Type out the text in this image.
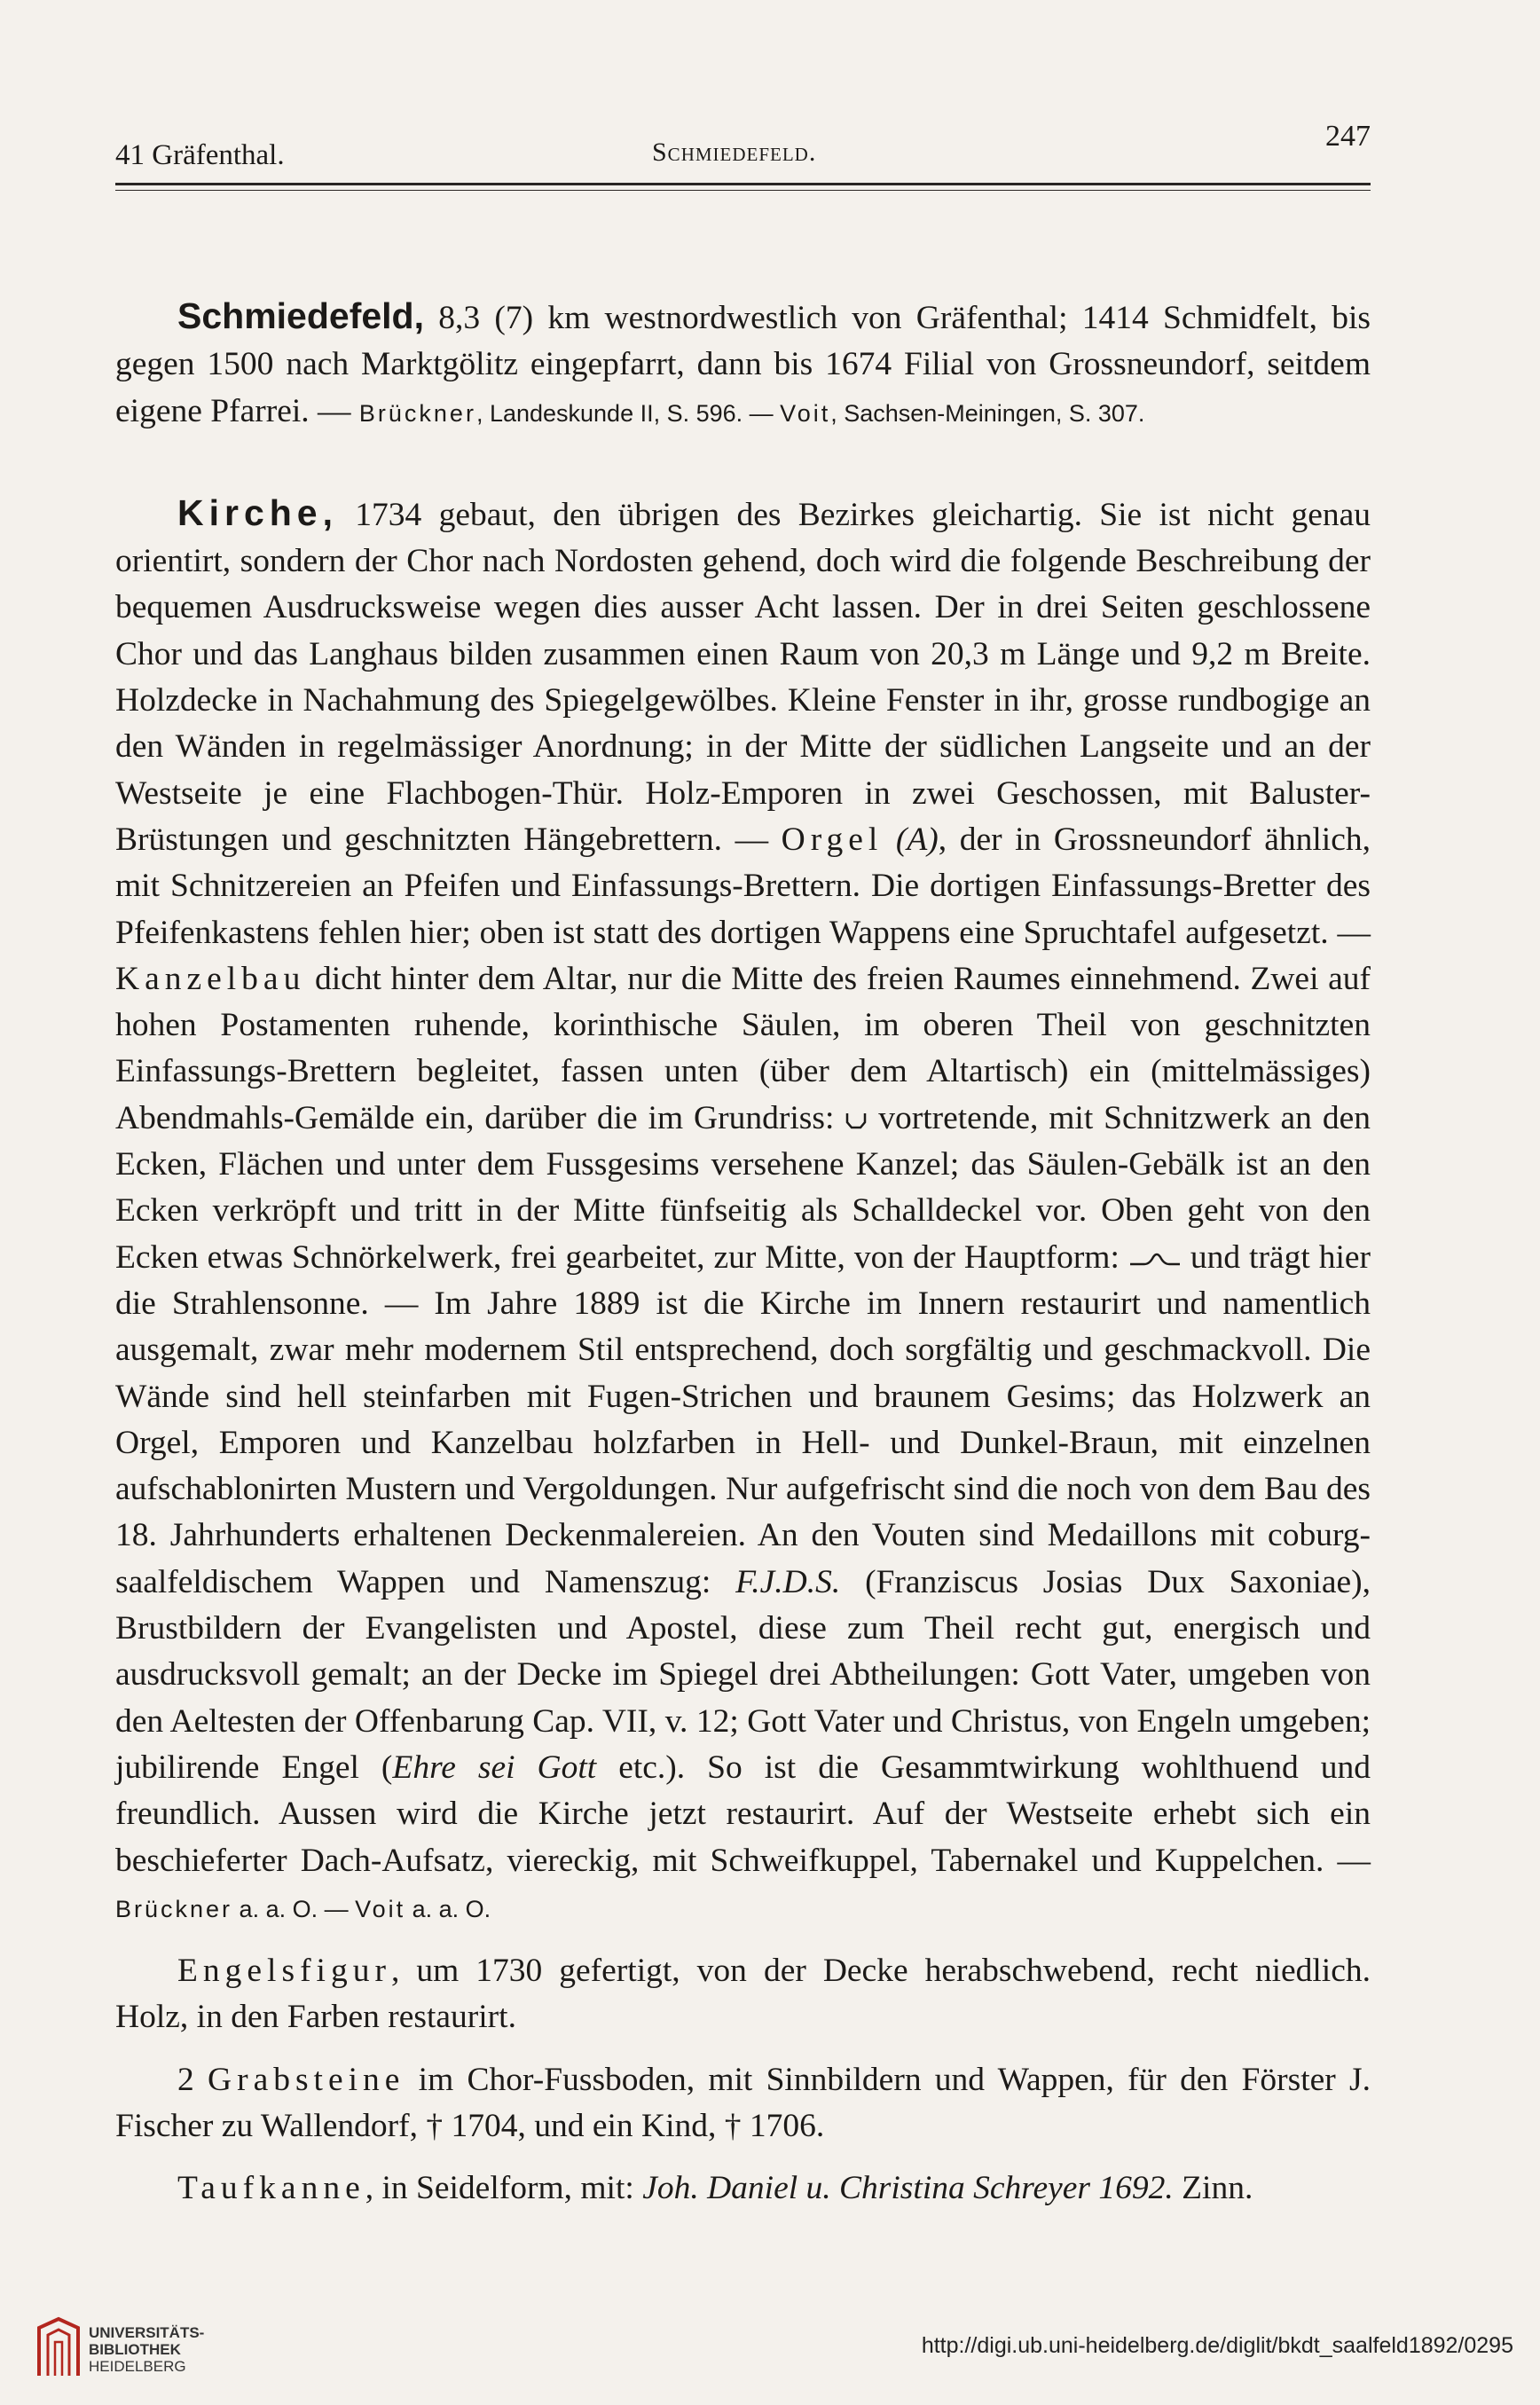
41 Gräfenthal.	Schmiedefeld.	247

Schmiedefeld, 8,3 (7) km westnordwestlich von Gräfenthal; 1414 Schmidfelt, bis gegen 1500 nach Marktgölitz eingepfarrt, dann bis 1674 Filial von Grossneundorf, seitdem eigene Pfarrei. — Brückner, Landeskunde II, S. 596. — Voit, Sachsen-Meiningen, S. 307.

Kirche, 1734 gebaut, den übrigen des Bezirkes gleichartig. Sie ist nicht genau orientirt, sondern der Chor nach Nordosten gehend, doch wird die folgende Beschreibung der bequemen Ausdrucksweise wegen dies ausser Acht lassen. Der in drei Seiten geschlossene Chor und das Langhaus bilden zusammen einen Raum von 20,3 m Länge und 9,2 m Breite. Holzdecke in Nachahmung des Spiegelgewölbes. Kleine Fenster in ihr, grosse rundbogige an den Wänden in regelmässiger Anordnung; in der Mitte der südlichen Langseite und an der Westseite je eine Flachbogen-Thür. Holz-Emporen in zwei Geschossen, mit Baluster-Brüstungen und geschnitzten Hängebrettern. — Orgel (A), der in Grossneundorf ähnlich, mit Schnitzereien an Pfeifen und Einfassungs-Brettern. Die dortigen Einfassungs-Bretter des Pfeifenkastens fehlen hier; oben ist statt des dortigen Wappens eine Spruchtafel aufgesetzt. — Kanzelbau dicht hinter dem Altar, nur die Mitte des freien Raumes einnehmend. Zwei auf hohen Postamenten ruhende, korinthische Säulen, im oberen Theil von geschnitzten Einfassungs-Brettern begleitet, fassen unten (über dem Altartisch) ein (mittelmässiges) Abendmahls-Gemälde ein, darüber die im Grundriss:  vortretende, mit Schnitzwerk an den Ecken, Flächen und unter dem Fussgesims versehene Kanzel; das Säulen-Gebälk ist an den Ecken verkröpft und tritt in der Mitte fünfseitig als Schalldeckel vor. Oben geht von den Ecken etwas Schnörkelwerk, frei gearbeitet, zur Mitte, von der Hauptform:  und trägt hier die Strahlensonne. — Im Jahre 1889 ist die Kirche im Innern restaurirt und namentlich ausgemalt, zwar mehr modernem Stil entsprechend, doch sorgfältig und geschmackvoll. Die Wände sind hell steinfarben mit Fugen-Strichen und braunem Gesims; das Holzwerk an Orgel, Emporen und Kanzelbau holzfarben in Hell- und Dunkel-Braun, mit einzelnen aufschablonirten Mustern und Vergoldungen. Nur aufgefrischt sind die noch von dem Bau des 18. Jahrhunderts erhaltenen Deckenmalereien. An den Vouten sind Medaillons mit coburg-saalfeldischem Wappen und Namenszug: F.J.D.S. (Franziscus Josias Dux Saxoniae), Brustbildern der Evangelisten und Apostel, diese zum Theil recht gut, energisch und ausdrucksvoll gemalt; an der Decke im Spiegel drei Abtheilungen: Gott Vater, umgeben von den Aeltesten der Offenbarung Cap. VII, v. 12; Gott Vater und Christus, von Engeln umgeben; jubilirende Engel (Ehre sei Gott etc.). So ist die Gesammtwirkung wohlthuend und freundlich. Aussen wird die Kirche jetzt restaurirt. Auf der Westseite erhebt sich ein beschieferter Dach-Aufsatz, viereckig, mit Schweifkuppel, Tabernakel und Kuppelchen. — Brückner a. a. O. — Voit a. a. O.

Engelsfigur, um 1730 gefertigt, von der Decke herabschwebend, recht niedlich. Holz, in den Farben restaurirt.

2 Grabsteine im Chor-Fussboden, mit Sinnbildern und Wappen, für den Förster J. Fischer zu Wallendorf, † 1704, und ein Kind, † 1706.

Taufkanne, in Seidelform, mit: Joh. Daniel u. Christina Schreyer 1692. Zinn.

UNIVERSITÄTS-
BIBLIOTHEK
HEIDELBERG
http://digi.ub.uni-heidelberg.de/diglit/bkdt_saalfeld1892/0295
